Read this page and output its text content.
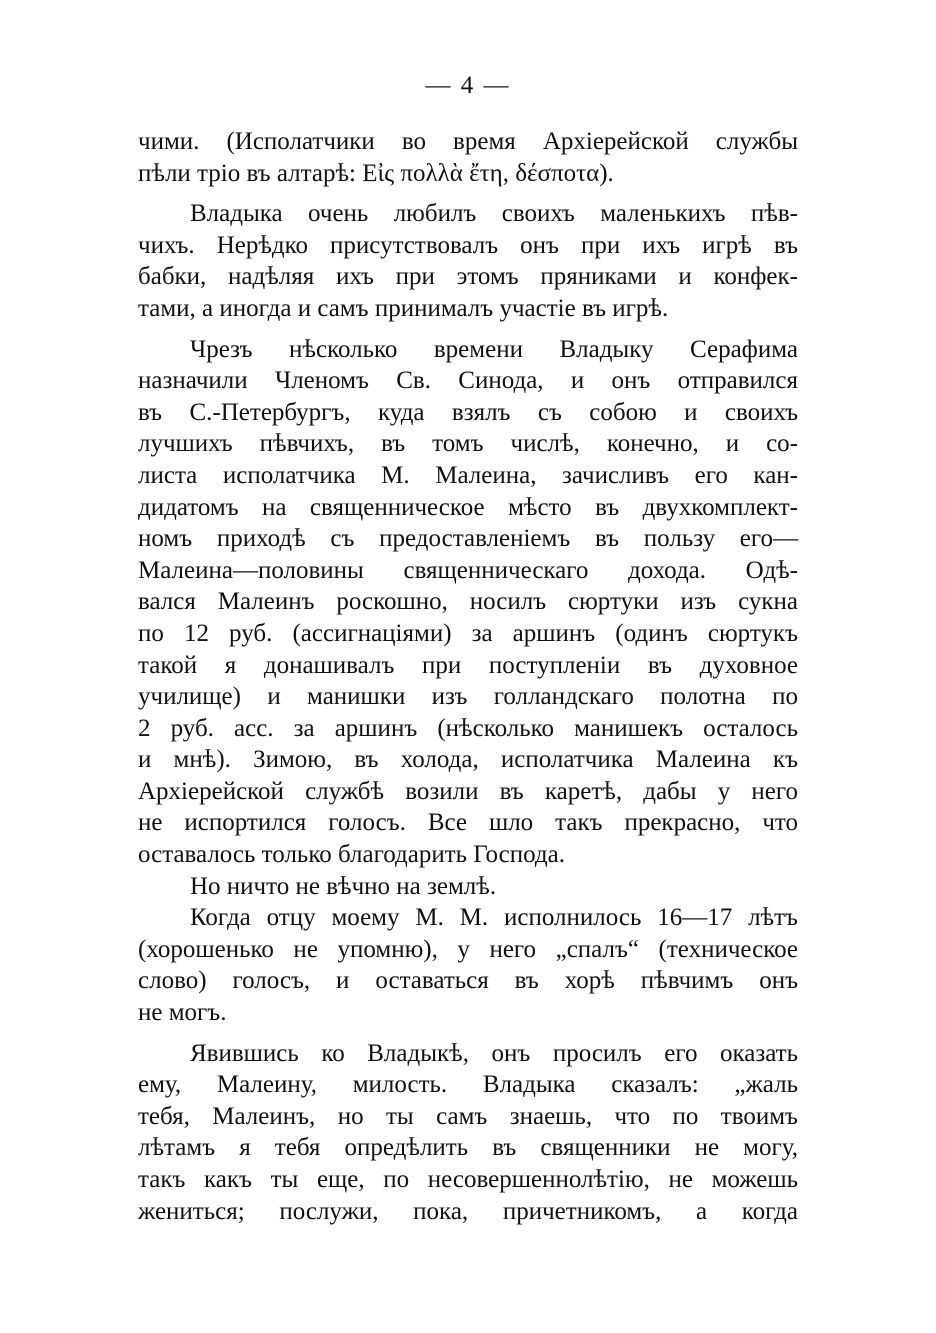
— 4 —
чими. (Исполатчики во время Архіерейской службы
пѣли тріо въ алтарѣ: Εἰς πολλὰ ἔτη, δέσποτα).
Владыка очень любилъ своихъ маленькихъ пѣв-
чихъ. Нерѣдко присутствовалъ онъ при ихъ игрѣ въ
бабки, надѣляя ихъ при этомъ пряниками и конфек-
тами, а иногда и самъ принималъ участіе въ игрѣ.
Чрезъ нѣсколько времени Владыку Серафима
назначили Членомъ Св. Синода, и онъ отправился
въ С.-Петербургъ, куда взялъ съ собою и своихъ
лучшихъ пѣвчихъ, въ томъ числѣ, конечно, и со-
листа исполатчика М. Малеина, зачисливъ его кан-
дидатомъ на священническое мѣсто въ двухкомплект-
номъ приходѣ съ предоставленіемъ въ пользу его—
Малеина—половины священническаго дохода. Одѣ-
вался Малеинъ роскошно, носилъ сюртуки изъ сукна
по 12 руб. (ассигнаціями) за аршинъ (одинъ сюртукъ
такой я донашивалъ при поступленіи въ духовное
училище) и манишки изъ голландскаго полотна по
2 руб. асс. за аршинъ (нѣсколько манишекъ осталось
и мнѣ). Зимою, въ холода, исполатчика Малеина къ
Архіерейской службѣ возили въ каретѣ, дабы у него
не испортился голосъ. Все шло такъ прекрасно, что
оставалось только благодарить Господа.
Но ничто не вѣчно на землѣ.
Когда отцу моему М. М. исполнилось 16—17 лѣтъ
(хорошенько не упомню), у него „спалъ“ (техническое
слово) голосъ, и оставаться въ хорѣ пѣвчимъ онъ
не могъ.
Явившись ко Владыкѣ, онъ просилъ его оказать
ему, Малеину, милость. Владыка сказалъ: „жаль
тебя, Малеинъ, но ты самъ знаешь, что по твоимъ
лѣтамъ я тебя опредѣлить въ священники не могу,
такъ какъ ты еще, по несовершеннолѣтію, не можешь
жениться; послужи, пока, причетникомъ, а когда
